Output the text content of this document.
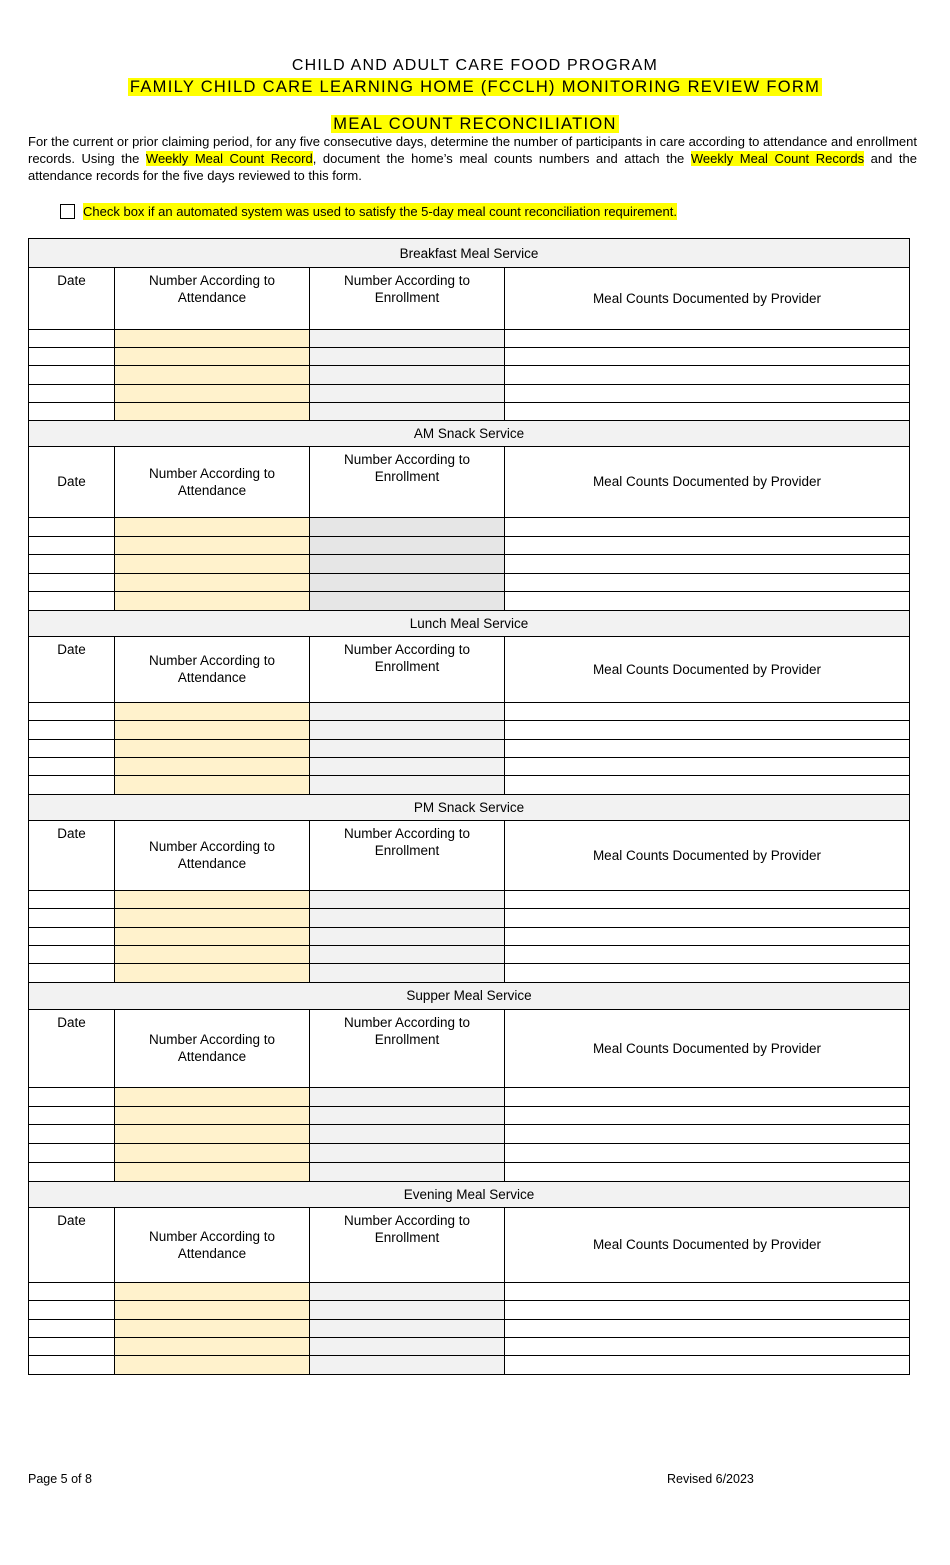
CHILD AND ADULT CARE FOOD PROGRAM
FAMILY CHILD CARE LEARNING HOME (FCCLH) MONITORING REVIEW FORM
MEAL COUNT RECONCILIATION
For the current or prior claiming period, for any five consecutive days, determine the number of participants in care according to attendance and enrollment records. Using the Weekly Meal Count Record, document the home’s meal counts numbers and attach the Weekly Meal Count Records and the attendance records for the five days reviewed to this form.
Check box if an automated system was used to satisfy the 5-day meal count reconciliation requirement.
Breakfast Meal Service			
Date	Number According to Attendance	Number According to Enrollment	Meal Counts Documented by Provider

AM Snack Service			
Date	Number According to Attendance	Number According to Enrollment	Meal Counts Documented by Provider

Lunch Meal Service			
Date	Number According to Attendance	Number According to Enrollment	Meal Counts Documented by Provider

PM Snack Service			
Date	Number According to Attendance	Number According to Enrollment	Meal Counts Documented by Provider

Supper Meal Service			
Date	Number According to Attendance	Number According to Enrollment	Meal Counts Documented by Provider

Evening Meal Service			
Date	Number According to Attendance	Number According to Enrollment	Meal Counts Documented by Provider

Page 5 of 8	Revised 6/2023
